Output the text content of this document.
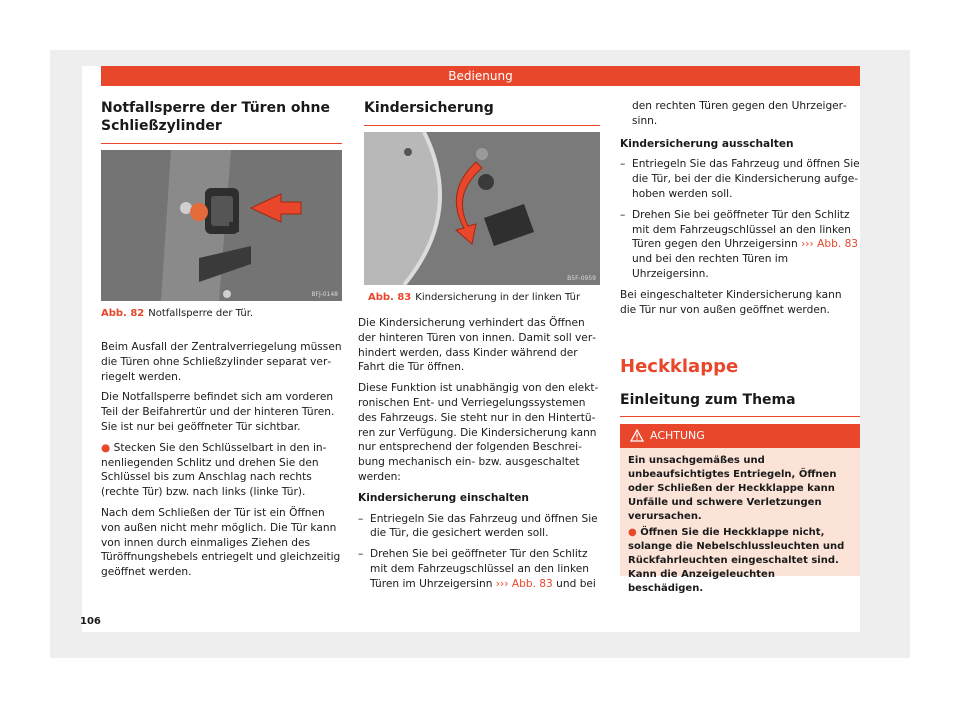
Bedienung
Notfallsperre der Türen ohne Schließzylinder
BFJ-0148
Abb. 82 Notfallsperre der Tür.

Beim Ausfall der Zentralverriegelung müssen die Türen ohne Schließzylinder separat verriegelt werden.

Die Notfallsperre befindet sich am vorderen Teil der Beifahrertür und der hinteren Türen. Sie ist nur bei geöffneter Tür sichtbar.

● Stecken Sie den Schlüsselbart in den innenliegenden Schlitz und drehen Sie den Schlüssel bis zum Anschlag nach rechts (rechte Tür) bzw. nach links (linke Tür).

Nach dem Schließen der Tür ist ein Öffnen von außen nicht mehr möglich. Die Tür kann von innen durch einmaliges Ziehen des Türöffnungshebels entriegelt und gleichzeitig geöffnet werden.

Kindersicherung
B5F-0959
Abb. 83 Kindersicherung in der linken Tür

Die Kindersicherung verhindert das Öffnen der hinteren Türen von innen. Damit soll verhindert werden, dass Kinder während der Fahrt die Tür öffnen.

Diese Funktion ist unabhängig von den elektronischen Ent- und Verriegelungssystemen des Fahrzeugs. Sie steht nur in den Hintertüren zur Verfügung. Die Kindersicherung kann nur entsprechend der folgenden Beschreibung mechanisch ein- bzw. ausgeschaltet werden:

Kindersicherung einschalten

– Entriegeln Sie das Fahrzeug und öffnen Sie die Tür, die gesichert werden soll.
– Drehen Sie bei geöffneter Tür den Schlitz mit dem Fahrzeugschlüssel an den linken Türen im Uhrzeigersinn ››› Abb. 83 und bei
den rechten Türen gegen den Uhrzeigersinn.

Kindersicherung ausschalten

– Entriegeln Sie das Fahrzeug und öffnen Sie die Tür, bei der die Kindersicherung aufgehoben werden soll.
– Drehen Sie bei geöffneter Tür den Schlitz mit dem Fahrzeugschlüssel an den linken Türen gegen den Uhrzeigersinn ››› Abb. 83 und bei den rechten Türen im Uhrzeigersinn.

Bei eingeschalteter Kindersicherung kann die Tür nur von außen geöffnet werden.

Heckklappe
Einleitung zum Thema
ACHTUNG

Ein unsachgemäßes und unbeaufsichtigtes Entriegeln, Öffnen oder Schließen der Heckklappe kann Unfälle und schwere Verletzungen verursachen.

● Öffnen Sie die Heckklappe nicht, solange die Nebelschlussleuchten und Rückfahrleuchten eingeschaltet sind. Kann die Anzeigeleuchten beschädigen.

106
